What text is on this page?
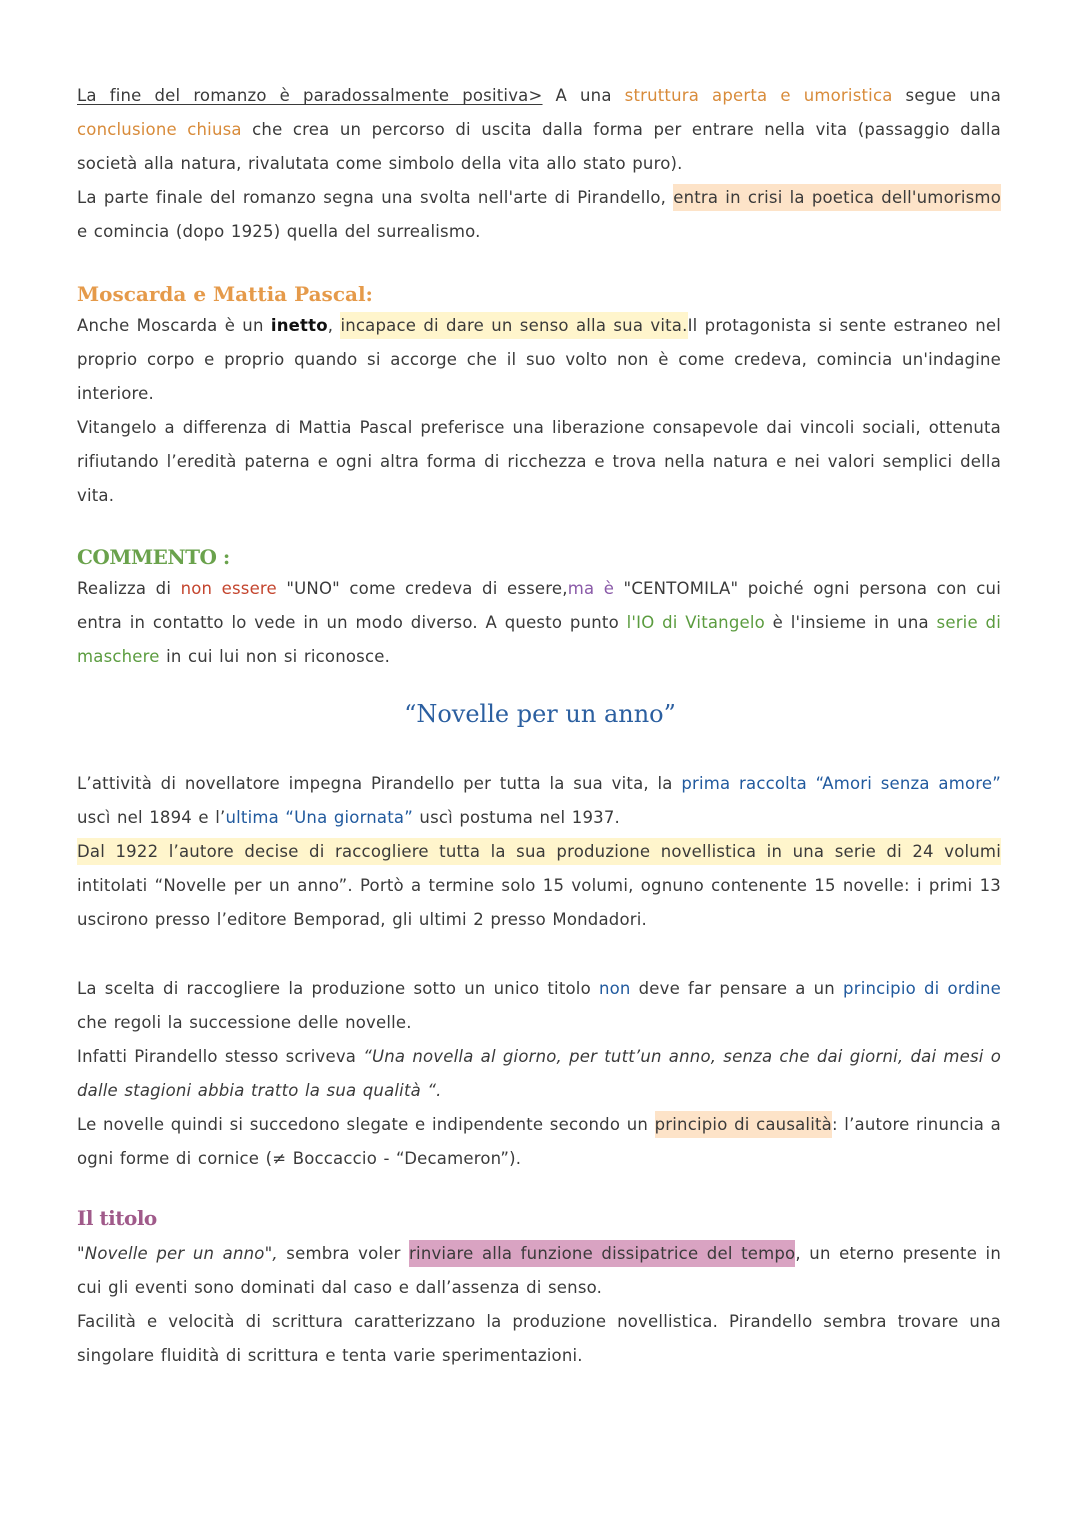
La fine del romanzo è paradossalmente positiva> A una struttura aperta e umoristica segue una conclusione chiusa che crea un percorso di uscita dalla forma per entrare nella vita (passaggio dalla società alla natura, rivalutata come simbolo della vita allo stato puro).

La parte finale del romanzo segna una svolta nell'arte di Pirandello, entra in crisi la poetica dell'umorismo e comincia (dopo 1925) quella del surrealismo.

Moscarda e Mattia Pascal:

Anche Moscarda è un inetto, incapace di dare un senso alla sua vita.Il protagonista si sente estraneo nel proprio corpo e proprio quando si accorge che il suo volto non è come credeva, comincia un'indagine interiore.

Vitangelo a differenza di Mattia Pascal preferisce una liberazione consapevole dai vincoli sociali, ottenuta rifiutando l’eredità paterna e ogni altra forma di ricchezza e trova nella natura e nei valori semplici della vita.

COMMENTO :

Realizza di non essere "UNO" come credeva di essere,ma è "CENTOMILA" poiché ogni persona con cui entra in contatto lo vede in un modo diverso. A questo punto l'IO di Vitangelo è l'insieme in una serie di maschere in cui lui non si riconosce.

“Novelle per un anno”

L’attività di novellatore impegna Pirandello per tutta la sua vita, la prima raccolta “Amori senza amore” uscì nel 1894 e l’ultima “Una giornata” uscì postuma nel 1937.

Dal 1922 l’autore decise di raccogliere tutta la sua produzione novellistica in una serie di 24 volumi intitolati “Novelle per un anno”. Portò a termine solo 15 volumi, ognuno contenente 15 novelle: i primi 13 uscirono presso l’editore Bemporad, gli ultimi 2 presso Mondadori.

La scelta di raccogliere la produzione sotto un unico titolo non deve far pensare a un principio di ordine che regoli la successione delle novelle.

Infatti Pirandello stesso scriveva “Una novella al giorno, per tutt’un anno, senza che dai giorni, dai mesi o dalle stagioni abbia tratto la sua qualità “.

Le novelle quindi si succedono slegate e indipendente secondo un principio di causalità: l’autore rinuncia a ogni forme di cornice (≠ Boccaccio - “Decameron”).

Il titolo

"Novelle per un anno", sembra voler rinviare alla funzione dissipatrice del tempo, un eterno presente in cui gli eventi sono dominati dal caso e dall’assenza di senso.

Facilità e velocità di scrittura caratterizzano la produzione novellistica. Pirandello sembra trovare una singolare fluidità di scrittura e tenta varie sperimentazioni.
